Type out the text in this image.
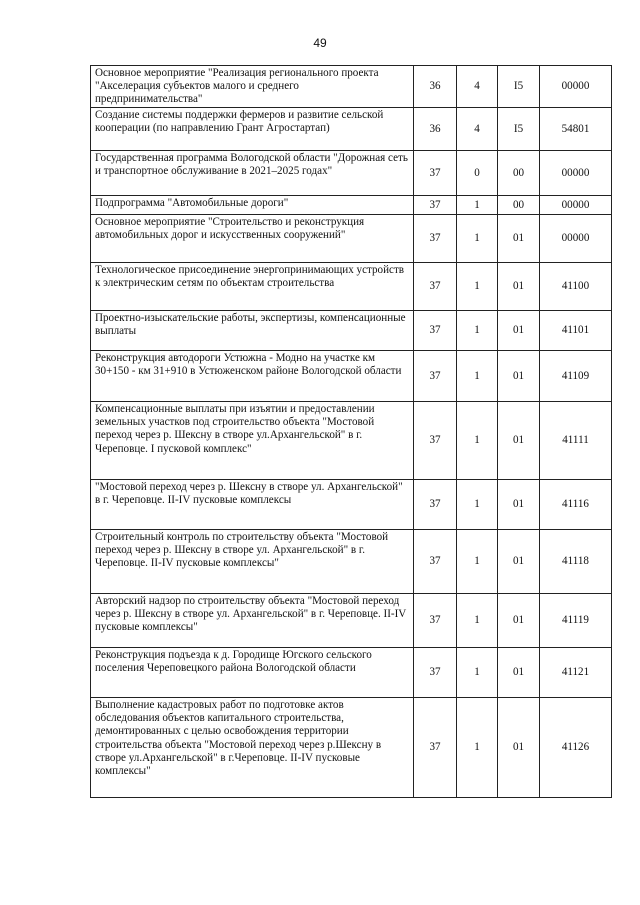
49
Основное мероприятие "Реализация регионального проекта "Акселерация субъектов малого и среднего предпринимательства"	36	4	I5	00000
Создание системы поддержки фермеров и развитие сельской кооперации (по направлению Грант Агростартап)	36	4	I5	54801
Государственная программа Вологодской области "Дорожная сеть и транспортное обслуживание в 2021–2025 годах"	37	0	00	00000
Подпрограмма "Автомобильные дороги"	37	1	00	00000
Основное мероприятие "Строительство и реконструкция автомобильных дорог и искусственных сооружений"	37	1	01	00000
Технологическое присоединение энергопринимающих устройств к электрическим сетям по объектам строительства	37	1	01	41100
Проектно-изыскательские работы, экспертизы, компенсационные выплаты	37	1	01	41101
Реконструкция автодороги Устюжна - Модно на участке км 30+150 - км 31+910 в Устюженском районе Вологодской области	37	1	01	41109
Компенсационные выплаты при изъятии и предоставлении земельных участков под строительство объекта "Мостовой переход через р. Шексну в створе ул.Архангельской" в г. Череповце. I пусковой комплекс"	37	1	01	41111
"Мостовой переход через р. Шексну в створе ул. Архангельской" в г. Череповце. II-IV пусковые комплексы	37	1	01	41116
Строительный контроль по строительству объекта "Мостовой переход через р. Шексну в створе ул. Архангельской" в г. Череповце. II-IV пусковые комплексы"	37	1	01	41118
Авторский надзор по строительству объекта "Мостовой переход через р. Шексну в створе ул. Архангельской" в г. Череповце. II-IV пусковые комплексы"	37	1	01	41119
Реконструкция подъезда к д. Городище Югского сельского поселения Череповецкого района Вологодской области	37	1	01	41121
Выполнение кадастровых работ по подготовке актов обследования объектов капитального строительства, демонтированных с целью освобождения территории строительства объекта "Мостовой переход через р.Шексну в створе ул.Архангельской" в г.Череповце. II-IV пусковые комплексы"	37	1	01	41126
